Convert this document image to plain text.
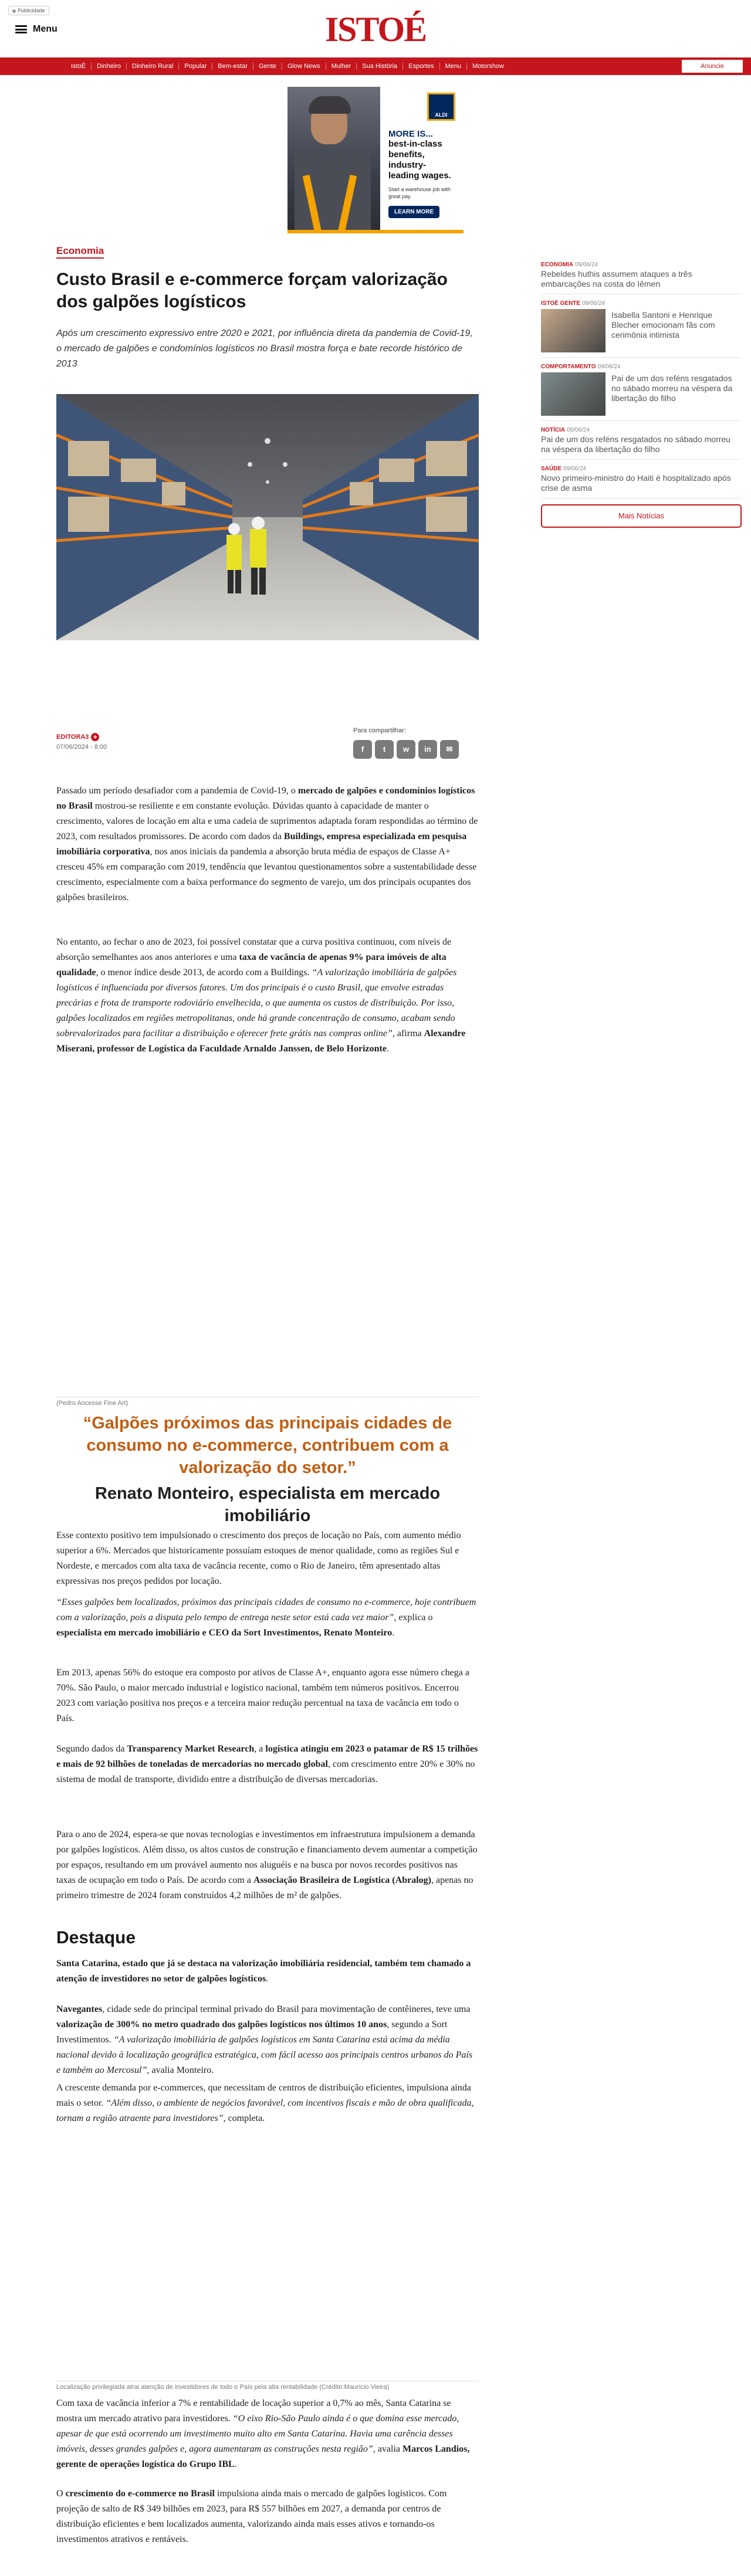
Publicidade
Menu	ISTOÉ
IstoÉ	Dinheiro	Dinheiro Rural	Popular	Bem-estar	Gente	Glow News	Mulher	Sua História	Esportes	Menu	Motorshow	Anuncie
ALDI
MORE IS...
best-in-class benefits, industry-leading wages.
Start a warehouse job with great pay.
LEARN MORE
Economia
Custo Brasil e e-commerce forçam valorização dos galpões logísticos

Após um crescimento expressivo entre 2020 e 2021, por influência direta da pandemia de Covid-19, o mercado de galpões e condomínios logísticos no Brasil mostra força e bate recorde histórico de 2013

EDITORA3 +
07/06/2024 - 8:00
Para compartilhar:
f	t	w	in	✉
Passado um período desafiador com a pandemia de Covid-19, o mercado de galpões e condomínios logísticos no Brasil mostrou-se resiliente e em constante evolução. Dúvidas quanto à capacidade de manter o crescimento, valores de locação em alta e uma cadeia de suprimentos adaptada foram respondidas ao término de 2023, com resultados promissores. De acordo com dados da Buildings, empresa especializada em pesquisa imobiliária corporativa, nos anos iniciais da pandemia a absorção bruta média de espaços de Classe A+ cresceu 45% em comparação com 2019, tendência que levantou questionamentos sobre a sustentabilidade desse crescimento, especialmente com a baixa performance do segmento de varejo, um dos principais ocupantes dos galpões brasileiros.
No entanto, ao fechar o ano de 2023, foi possível constatar que a curva positiva continuou, com níveis de absorção semelhantes aos anos anteriores e uma taxa de vacância de apenas 9% para imóveis de alta qualidade, o menor índice desde 2013, de acordo com a Buildings. “A valorização imobiliária de galpões logísticos é influenciada por diversos fatores. Um dos principais é o custo Brasil, que envolve estradas precárias e frota de transporte rodoviário envelhecida, o que aumenta os custos de distribuição. Por isso, galpões localizados em regiões metropolitanas, onde há grande concentração de consumo, acabam sendo sobrevalorizados para facilitar a distribuição e oferecer frete grátis nas compras online”, afirma Alexandre Miserani, professor de Logística da Faculdade Arnaldo Janssen, de Belo Horizonte.
(Pedro Ancesse Fine Art)
“Galpões próximos das principais cidades de consumo no e-commerce, contribuem com a valorização do setor.”
Renato Monteiro, especialista em mercado imobiliário
Esse contexto positivo tem impulsionado o crescimento dos preços de locação no País, com aumento médio superior a 6%. Mercados que historicamente possuíam estoques de menor qualidade, como as regiões Sul e Nordeste, e mercados com alta taxa de vacância recente, como o Rio de Janeiro, têm apresentado altas expressivas nos preços pedidos por locação.
“Esses galpões bem localizados, próximos das principais cidades de consumo no e-commerce, hoje contribuem com a valorização, pois a disputa pelo tempo de entrega neste setor está cada vez maior”, explica o especialista em mercado imobiliário e CEO da Sort Investimentos, Renato Monteiro.
Em 2013, apenas 56% do estoque era composto por ativos de Classe A+, enquanto agora esse número chega a 70%. São Paulo, o maior mercado industrial e logístico nacional, também tem números positivos. Encerrou 2023 com variação positiva nos preços e a terceira maior redução percentual na taxa de vacância em todo o País.
Segundo dados da Transparency Market Research, a logística atingiu em 2023 o patamar de R$ 15 trilhões e mais de 92 bilhões de toneladas de mercadorias no mercado global, com crescimento entre 20% e 30% no sistema de modal de transporte, dividido entre a distribuição de diversas mercadorias.
Para o ano de 2024, espera-se que novas tecnologias e investimentos em infraestrutura impulsionem a demanda por galpões logísticos. Além disso, os altos custos de construção e financiamento devem aumentar a competição por espaços, resultando em um provável aumento nos aluguéis e na busca por novos recordes positivos nas taxas de ocupação em todo o País. De acordo com a Associação Brasileira de Logística (Abralog), apenas no primeiro trimestre de 2024 foram construídos 4,2 milhões de m² de galpões.
Destaque
Santa Catarina, estado que já se destaca na valorização imobiliária residencial, também tem chamado a atenção de investidores no setor de galpões logísticos.
Navegantes, cidade sede do principal terminal privado do Brasil para movimentação de contêineres, teve uma valorização de 300% no metro quadrado dos galpões logísticos nos últimos 10 anos, segundo a Sort Investimentos. “A valorização imobiliária de galpões logísticos em Santa Catarina está acima da média nacional devido à localização geográfica estratégica, com fácil acesso aos principais centros urbanos do País e também ao Mercosul”, avalia Monteiro.
A crescente demanda por e-commerces, que necessitam de centros de distribuição eficientes, impulsiona ainda mais o setor. “Além disso, o ambiente de negócios favorável, com incentivos fiscais e mão de obra qualificada, tornam a região atraente para investidores”, completa.
Localização privilegiada atrai atenção de investidores de todo o País pela alta rentabilidade (Crédito:Maurício Vieira)
Com taxa de vacância inferior a 7% e rentabilidade de locação superior a 0,7% ao mês, Santa Catarina se mostra um mercado atrativo para investidores. “O eixo Rio-São Paulo ainda é o que domina esse mercado, apesar de que está ocorrendo um investimento muito alto em Santa Catarina. Havia uma carência desses imóveis, desses grandes galpões e, agora aumentaram as construções nesta região”, avalia Marcos Landios, gerente de operações logística do Grupo IBL.
O crescimento do e-commerce no Brasil impulsiona ainda mais o mercado de galpões logísticos. Com projeção de salto de R$ 349 bilhões em 2023, para R$ 557 bilhões em 2027, a demanda por centros de distribuição eficientes e bem localizados aumenta, valorizando ainda mais esses ativos e tornando-os investimentos atrativos e rentáveis.
ECONOMIA 09/06/24
Rebeldes huthis assumem ataques a três embarcações na costa do Iêmen
ISTOÉ GENTE 09/06/24
Isabella Santoni e Henrique Blecher emocionam fãs com cerimônia intimista
COMPORTAMENTO 09/06/24
Pai de um dos reféns resgatados no sábado morreu na véspera da libertação do filho
NOTÍCIA 09/06/24
Pai de um dos reféns resgatados no sábado morreu na véspera da libertação do filho
SAÚDE 09/06/24
Novo primeiro-ministro do Haiti é hospitalizado após crise de asma
Mais Notícias
